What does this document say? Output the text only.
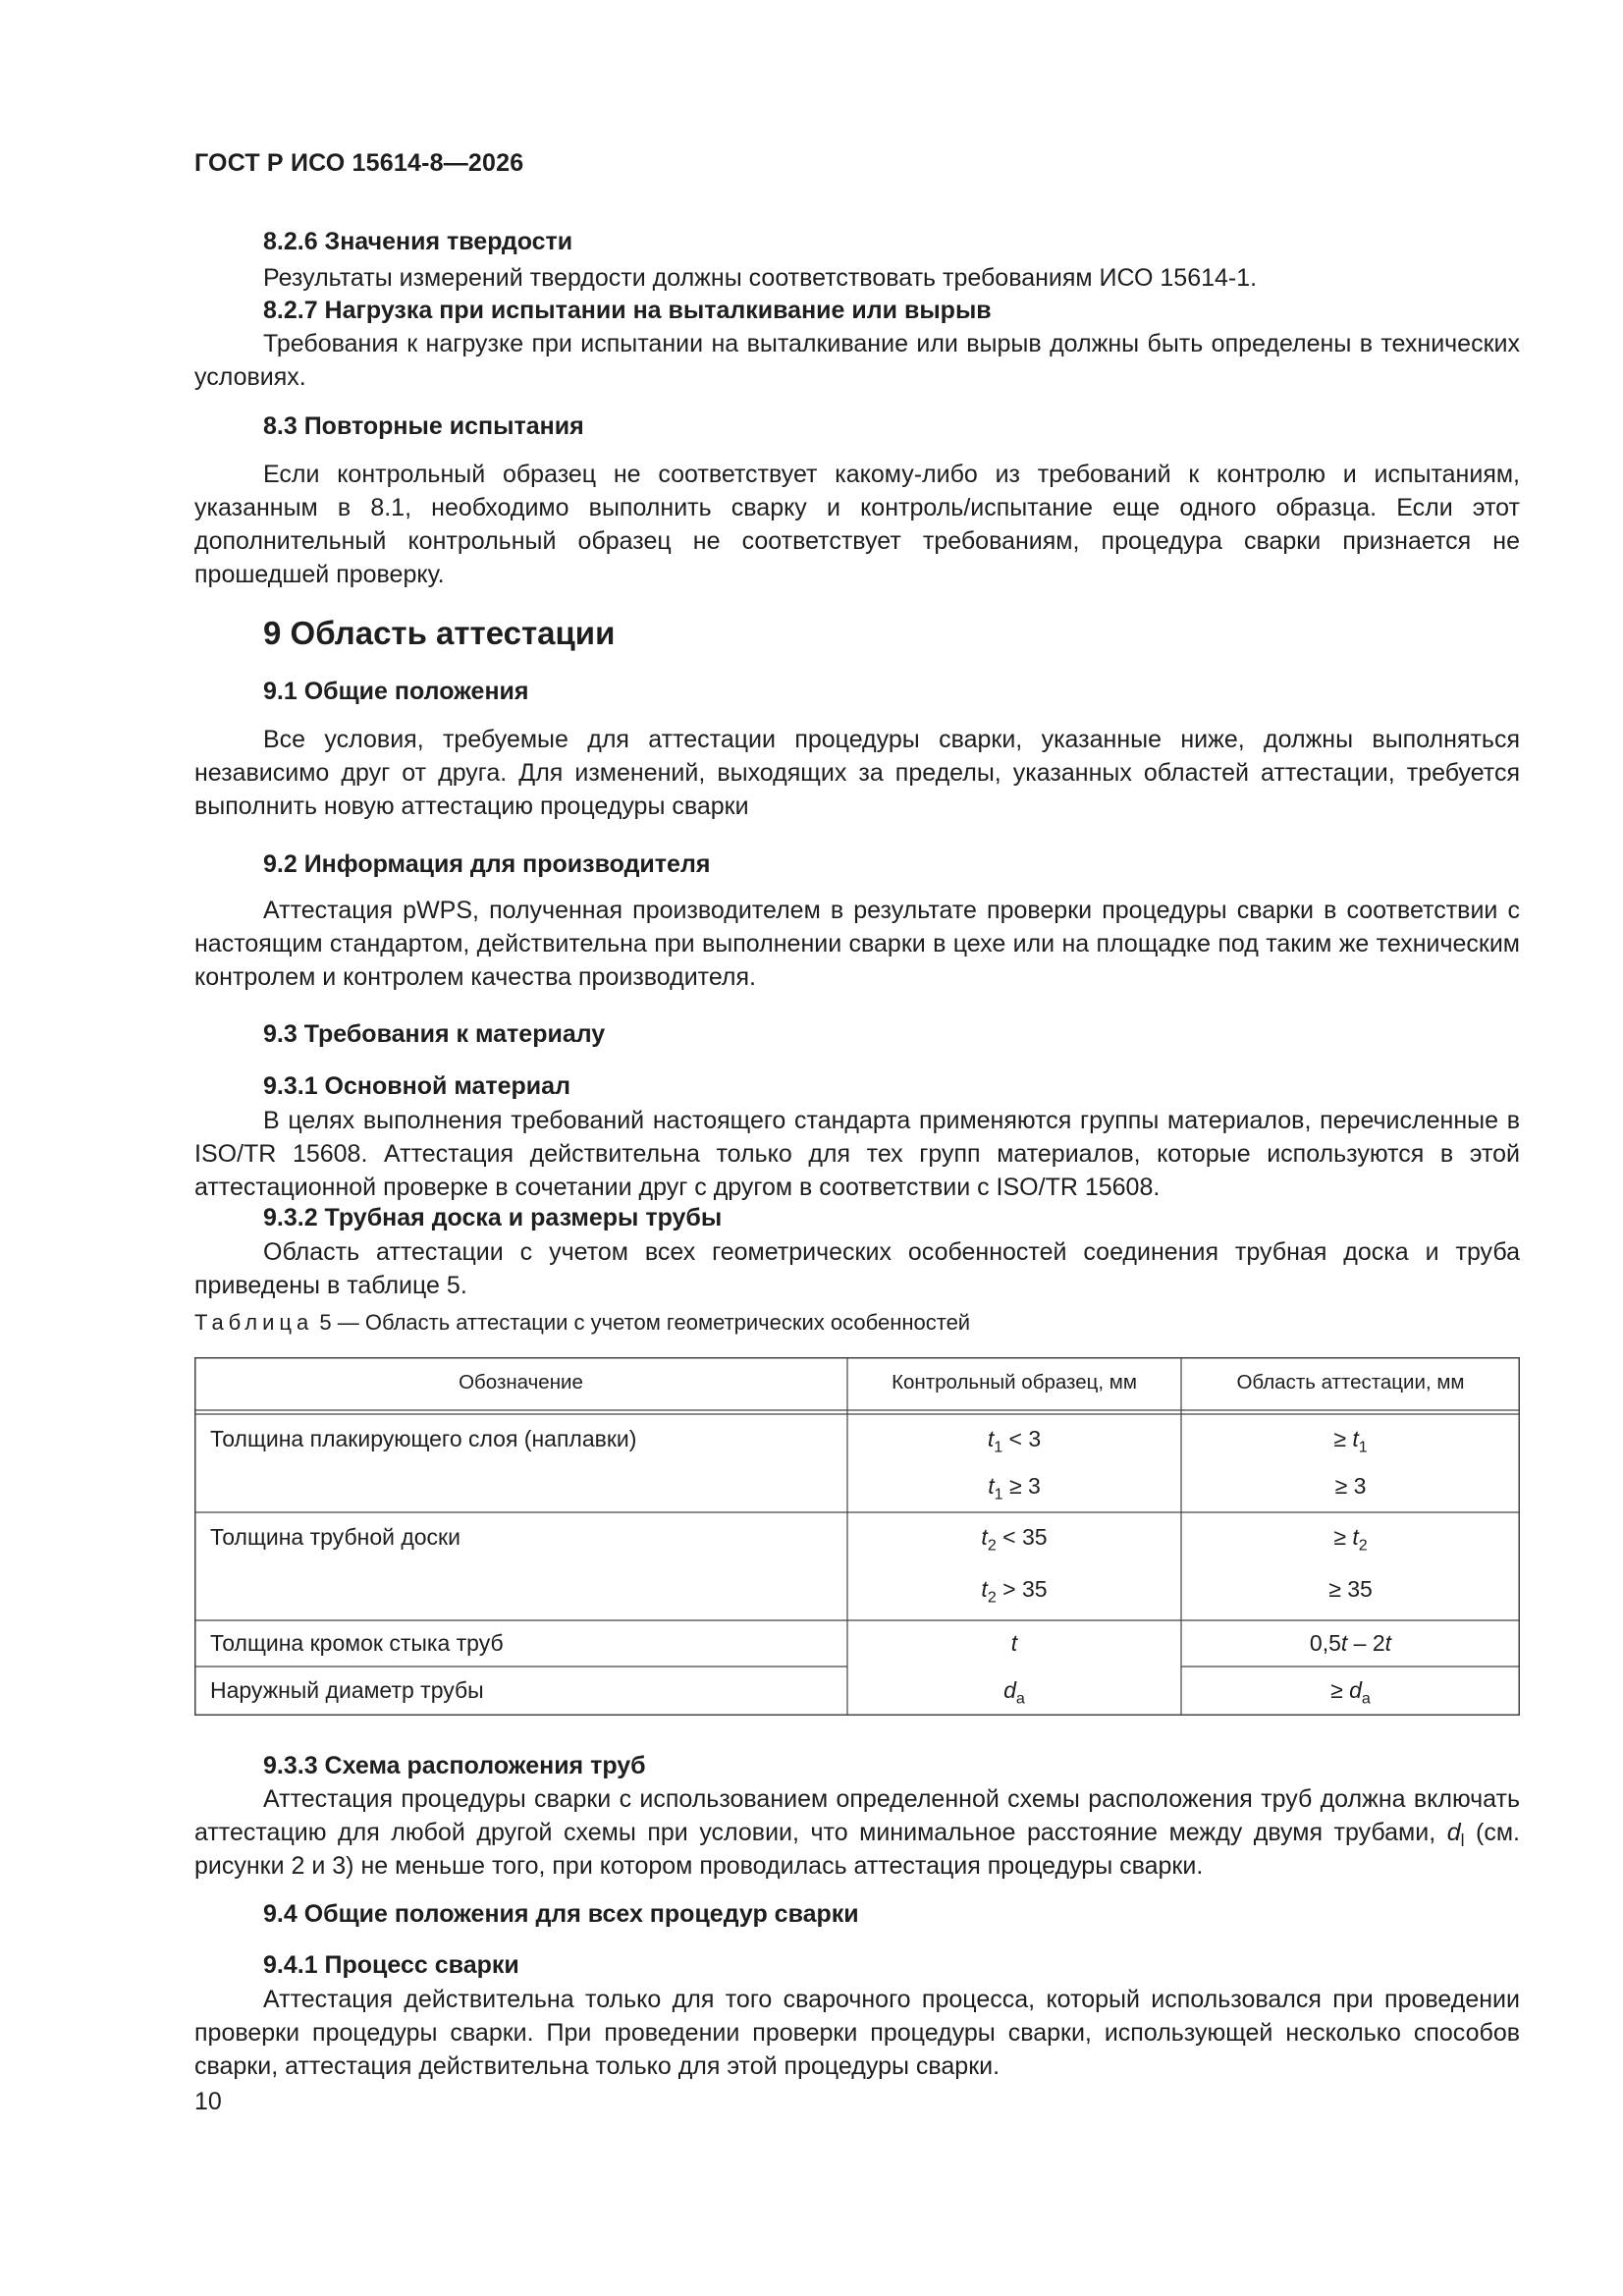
ГОСТ Р ИСО 15614-8—2026
8.2.6 Значения твердости
Результаты измерений твердости должны соответствовать требованиям ИСО 15614-1.
8.2.7 Нагрузка при испытании на выталкивание или вырыв
Требования к нагрузке при испытании на выталкивание или вырыв должны быть определены в технических условиях.
8.3 Повторные испытания
Если контрольный образец не соответствует какому-либо из требований к контролю и испытаниям, указанным в 8.1, необходимо выполнить сварку и контроль/испытание еще одного образца. Если этот дополнительный контрольный образец не соответствует требованиям, процедура сварки признается не прошедшей проверку.
9 Область аттестации
9.1 Общие положения
Все условия, требуемые для аттестации процедуры сварки, указанные ниже, должны выполняться независимо друг от друга. Для изменений, выходящих за пределы, указанных областей аттестации, требуется выполнить новую аттестацию процедуры сварки
9.2 Информация для производителя
Аттестация pWPS, полученная производителем в результате проверки процедуры сварки в соответствии с настоящим стандартом, действительна при выполнении сварки в цехе или на площадке под таким же техническим контролем и контролем качества производителя.
9.3 Требования к материалу
9.3.1 Основной материал
В целях выполнения требований настоящего стандарта применяются группы материалов, перечисленные в ISO/TR 15608. Аттестация действительна только для тех групп материалов, которые используются в этой аттестационной проверке в сочетании друг с другом в соответствии с ISO/TR 15608.
9.3.2 Трубная доска и размеры трубы
Область аттестации с учетом всех геометрических особенностей соединения трубная доска и труба приведены в таблице 5.
Таблица 5 — Область аттестации с учетом геометрических особенностей
Обозначение	Контрольный образец, мм	Область аттестации, мм
Толщина плакирующего слоя (наплавки)	$t_1 < 3$	≥ $t_1$
$t_1 \ge 3$	≥ 3
Толщина трубной доски	$t_2 < 35$	≥ $t_2$
$t_2 > 35$	≥ 35
Толщина кромок стыка труб	t	0,5t – 2t
Наружный диаметр трубы	$d_a$	≥ $d_a$
9.3.3 Схема расположения труб
Аттестация процедуры сварки с использованием определенной схемы расположения труб должна включать аттестацию для любой другой схемы при условии, что минимальное расстояние между двумя трубами, $d_l$ (см. рисунки 2 и 3) не меньше того, при котором проводилась аттестация процедуры сварки.
9.4 Общие положения для всех процедур сварки
9.4.1 Процесс сварки
Аттестация действительна только для того сварочного процесса, который использовался при проведении проверки процедуры сварки. При проведении проверки процедуры сварки, использующей несколько способов сварки, аттестация действительна только для этой процедуры сварки.
10
